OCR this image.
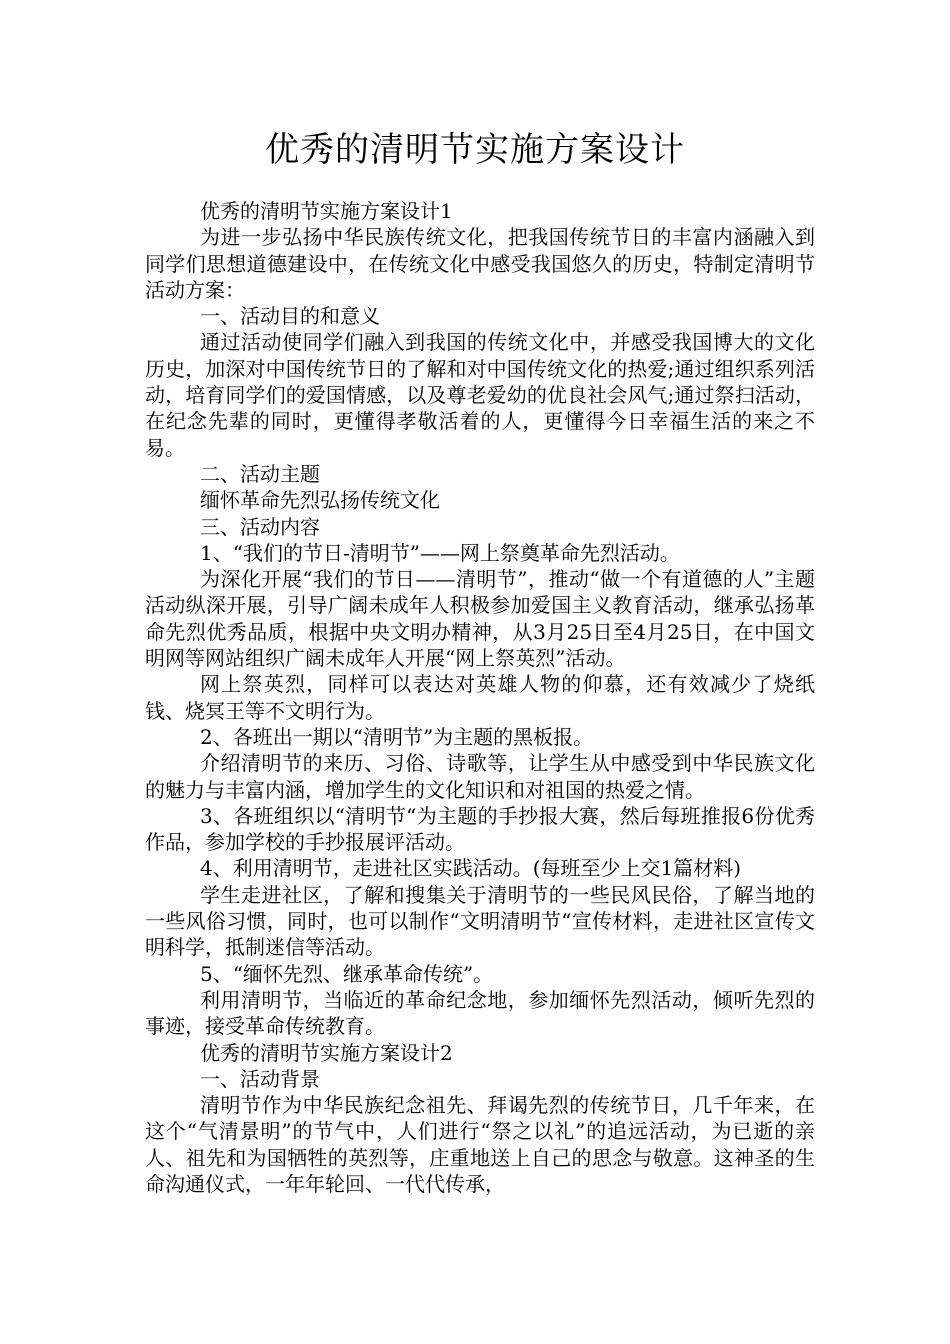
优秀的清明节实施方案设计

优秀的清明节实施方案设计1

为进一步弘扬中华民族传统文化，把我国传统节日的丰富内涵融入到同学们思想道德建设中，在传统文化中感受我国悠久的历史，特制定清明节活动方案：

一、活动目的和意义

通过活动使同学们融入到我国的传统文化中，并感受我国博大的文化历史，加深对中国传统节日的了解和对中国传统文化的热爱;通过组织系列活动，培育同学们的爱国情感，以及尊老爱幼的优良社会风气;通过祭扫活动，在纪念先辈的同时，更懂得孝敬活着的人，更懂得今日幸福生活的来之不易。

二、活动主题

缅怀革命先烈弘扬传统文化

三、活动内容

1、“我们的节日-清明节”——网上祭奠革命先烈活动。

为深化开展“我们的节日——清明节”，推动“做一个有道德的人”主题活动纵深开展，引导广阔未成年人积极参加爱国主义教育活动，继承弘扬革命先烈优秀品质，根据中央文明办精神，从3月25日至4月25日，在中国文明网等网站组织广阔未成年人开展“网上祭英烈”活动。

网上祭英烈，同样可以表达对英雄人物的仰慕，还有效减少了烧纸钱、烧冥王等不文明行为。

2、各班出一期以“清明节”为主题的黑板报。

介绍清明节的来历、习俗、诗歌等，让学生从中感受到中华民族文化的魅力与丰富内涵，增加学生的文化知识和对祖国的热爱之情。

3、各班组织以“清明节“为主题的手抄报大赛，然后每班推报6份优秀作品，参加学校的手抄报展评活动。

4、利用清明节，走进社区实践活动。(每班至少上交1篇材料)

学生走进社区，了解和搜集关于清明节的一些民风民俗，了解当地的一些风俗习惯，同时，也可以制作“文明清明节“宣传材料，走进社区宣传文明科学，抵制迷信等活动。

5、“缅怀先烈、继承革命传统”。

利用清明节，当临近的革命纪念地，参加缅怀先烈活动，倾听先烈的事迹，接受革命传统教育。

优秀的清明节实施方案设计2

一、活动背景

清明节作为中华民族纪念祖先、拜谒先烈的传统节日，几千年来，在这个“气清景明”的节气中，人们进行“祭之以礼”的追远活动，为已逝的亲人、祖先和为国牺牲的英烈等，庄重地送上自己的思念与敬意。这神圣的生命沟通仪式，一年年轮回、一代代传承，
